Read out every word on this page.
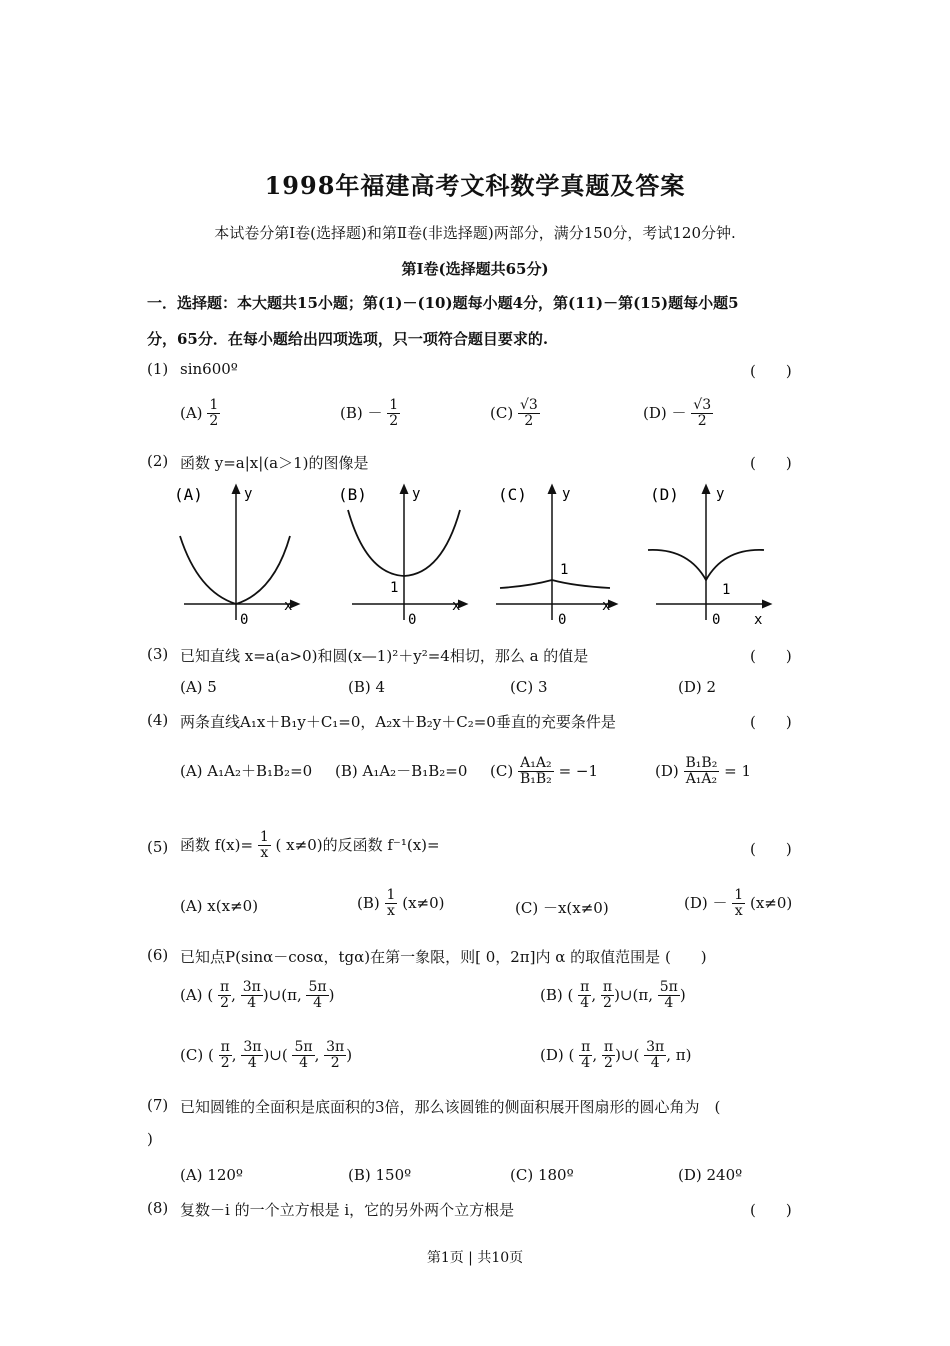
1998年福建高考文科数学真题及答案
本试卷分第Ⅰ卷(选择题)和第Ⅱ卷(非选择题)两部分，满分150分，考试120分钟.
第Ⅰ卷(选择题共65分)
一．选择题：本大题共15小题；第(1)－(10)题每小题4分，第(11)－第(15)题每小题5
分，65分．在每小题给出四项选项，只一项符合题目要求的.
(1) sin600º	(　　)
$(A) \frac{1}{2}$	$(B) - \frac{1}{2}$	$(C) \frac{√3}{2}$	$(D) - \frac{√3}{2}$
(2) 函数 y=a|x|(a＞1)的图像是	(　　)
(A)	y
x
0
(B)	y
x
0
1
(C)	y
x
0
1
(D)	y
x
0
1
(3) 已知直线 x=a(a>0)和圆(x—1)²＋y²=4相切，那么 a 的值是	(　　)
(A) 5	(B) 4	(C) 3	(D) 2
(4) 两条直线A₁x＋B₁y＋C₁=0，A₂x＋B₂y＋C₂=0垂直的充要条件是	(　　)
(A) A₁A₂＋B₁B₂=0 (B) A₁A₂－B₁B₂=0 $(C) \frac{\text{A₁A₂}}{\text{B₁B₂}} = -1$	$(D) \frac{\text{B₁B₂}}{\text{A₁A₂}} = 1$
(5) 函数 $f(x)= \frac{1}{x}$ ( x≠0)的反函数 f⁻¹(x)=	(　　)
(A) x(x≠0)	$(B) \frac{1}{x} (x\ne 0)$	(C) －x(x≠0)	$(D) - \frac{1}{x} (x\ne 0)$
(6) 已知点P(sinα－cosα，tgα)在第一象限，则[ 0，2π]内 α 的取值范围是 (　　)
(A) ( $\frac{\pi}{2}$ , $\frac{3\pi}{4}$ )∪(π, $\frac{5\pi}{4}$ )	(B) ( $\frac{\pi}{4}$ , $\frac{\pi}{2}$ )∪(π, $\frac{5\pi}{4}$ )
(C) ( $\frac{\pi}{2}$ , $\frac{3\pi}{4}$ )∪( $\frac{5\pi}{4}$ , $\frac{3\pi}{2}$ )	(D) ( $\frac{\pi}{4}$ , $\frac{\pi}{2}$ )∪( $\frac{3\pi}{4}$ , π)
(7) 已知圆锥的全面积是底面积的3倍，那么该圆锥的侧面积展开图扇形的圆心角为　(
)
(A) 120º	(B) 150º	(C) 180º	(D) 240º
(8) 复数－i 的一个立方根是 i，它的另外两个立方根是	(　　)
第1页 | 共10页
